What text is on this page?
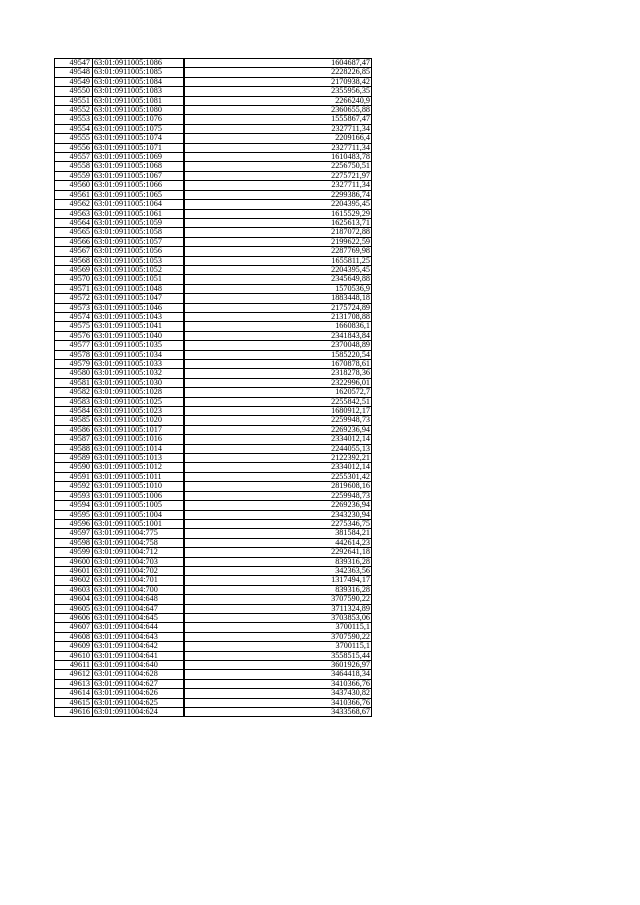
49547	63:01:0911005:1086	1604687,47
49548	63:01:0911005:1085	2228226,85
49549	63:01:0911005:1084	2170938,42
49550	63:01:0911005:1083	2355956,35
49551	63:01:0911005:1081	2266240,9
49552	63:01:0911005:1080	2360655,88
49553	63:01:0911005:1076	1555867,47
49554	63:01:0911005:1075	2327711,34
49555	63:01:0911005:1074	2209166,4
49556	63:01:0911005:1071	2327711,34
49557	63:01:0911005:1069	1610483,78
49558	63:01:0911005:1068	2256750,51
49559	63:01:0911005:1067	2275721,97
49560	63:01:0911005:1066	2327711,34
49561	63:01:0911005:1065	2299386,74
49562	63:01:0911005:1064	2204395,45
49563	63:01:0911005:1061	1615529,29
49564	63:01:0911005:1059	1625613,71
49565	63:01:0911005:1058	2187072,88
49566	63:01:0911005:1057	2199622,59
49567	63:01:0911005:1056	2287769,98
49568	63:01:0911005:1053	1655811,25
49569	63:01:0911005:1052	2204395,45
49570	63:01:0911005:1051	2345649,88
49571	63:01:0911005:1048	1570536,9
49572	63:01:0911005:1047	1883448,18
49573	63:01:0911005:1046	2175724,89
49574	63:01:0911005:1043	2131708,88
49575	63:01:0911005:1041	1660836,1
49576	63:01:0911005:1040	2341843,84
49577	63:01:0911005:1035	2370048,89
49578	63:01:0911005:1034	1585220,54
49579	63:01:0911005:1033	1670878,61
49580	63:01:0911005:1032	2318278,36
49581	63:01:0911005:1030	2322996,01
49582	63:01:0911005:1028	1620572,7
49583	63:01:0911005:1025	2255842,51
49584	63:01:0911005:1023	1680912,17
49585	63:01:0911005:1020	2259948,73
49586	63:01:0911005:1017	2269236,94
49587	63:01:0911005:1016	2334012,14
49588	63:01:0911005:1014	2244055,13
49589	63:01:0911005:1013	2122392,21
49590	63:01:0911005:1012	2334012,14
49591	63:01:0911005:1011	2255301,42
49592	63:01:0911005:1010	2819608,16
49593	63:01:0911005:1006	2259948,73
49594	63:01:0911005:1005	2269236,94
49595	63:01:0911005:1004	2343230,94
49596	63:01:0911005:1001	2275346,75
49597	63:01:0911004:775	381584,21
49598	63:01:0911004:758	442614,23
49599	63:01:0911004:712	2292641,18
49600	63:01:0911004:703	839316,28
49601	63:01:0911004:702	342363,56
49602	63:01:0911004:701	1317494,17
49603	63:01:0911004:700	839316,28
49604	63:01:0911004:648	3707590,22
49605	63:01:0911004:647	3711324,89
49606	63:01:0911004:645	3703853,06
49607	63:01:0911004:644	3700115,1
49608	63:01:0911004:643	3707590,22
49609	63:01:0911004:642	3700115,1
49610	63:01:0911004:641	3558515,44
49611	63:01:0911004:640	3601926,97
49612	63:01:0911004:628	3464418,34
49613	63:01:0911004:627	3410366,76
49614	63:01:0911004:626	3437430,82
49615	63:01:0911004:625	3410366,76
49616	63:01:0911004:624	3433568,67
